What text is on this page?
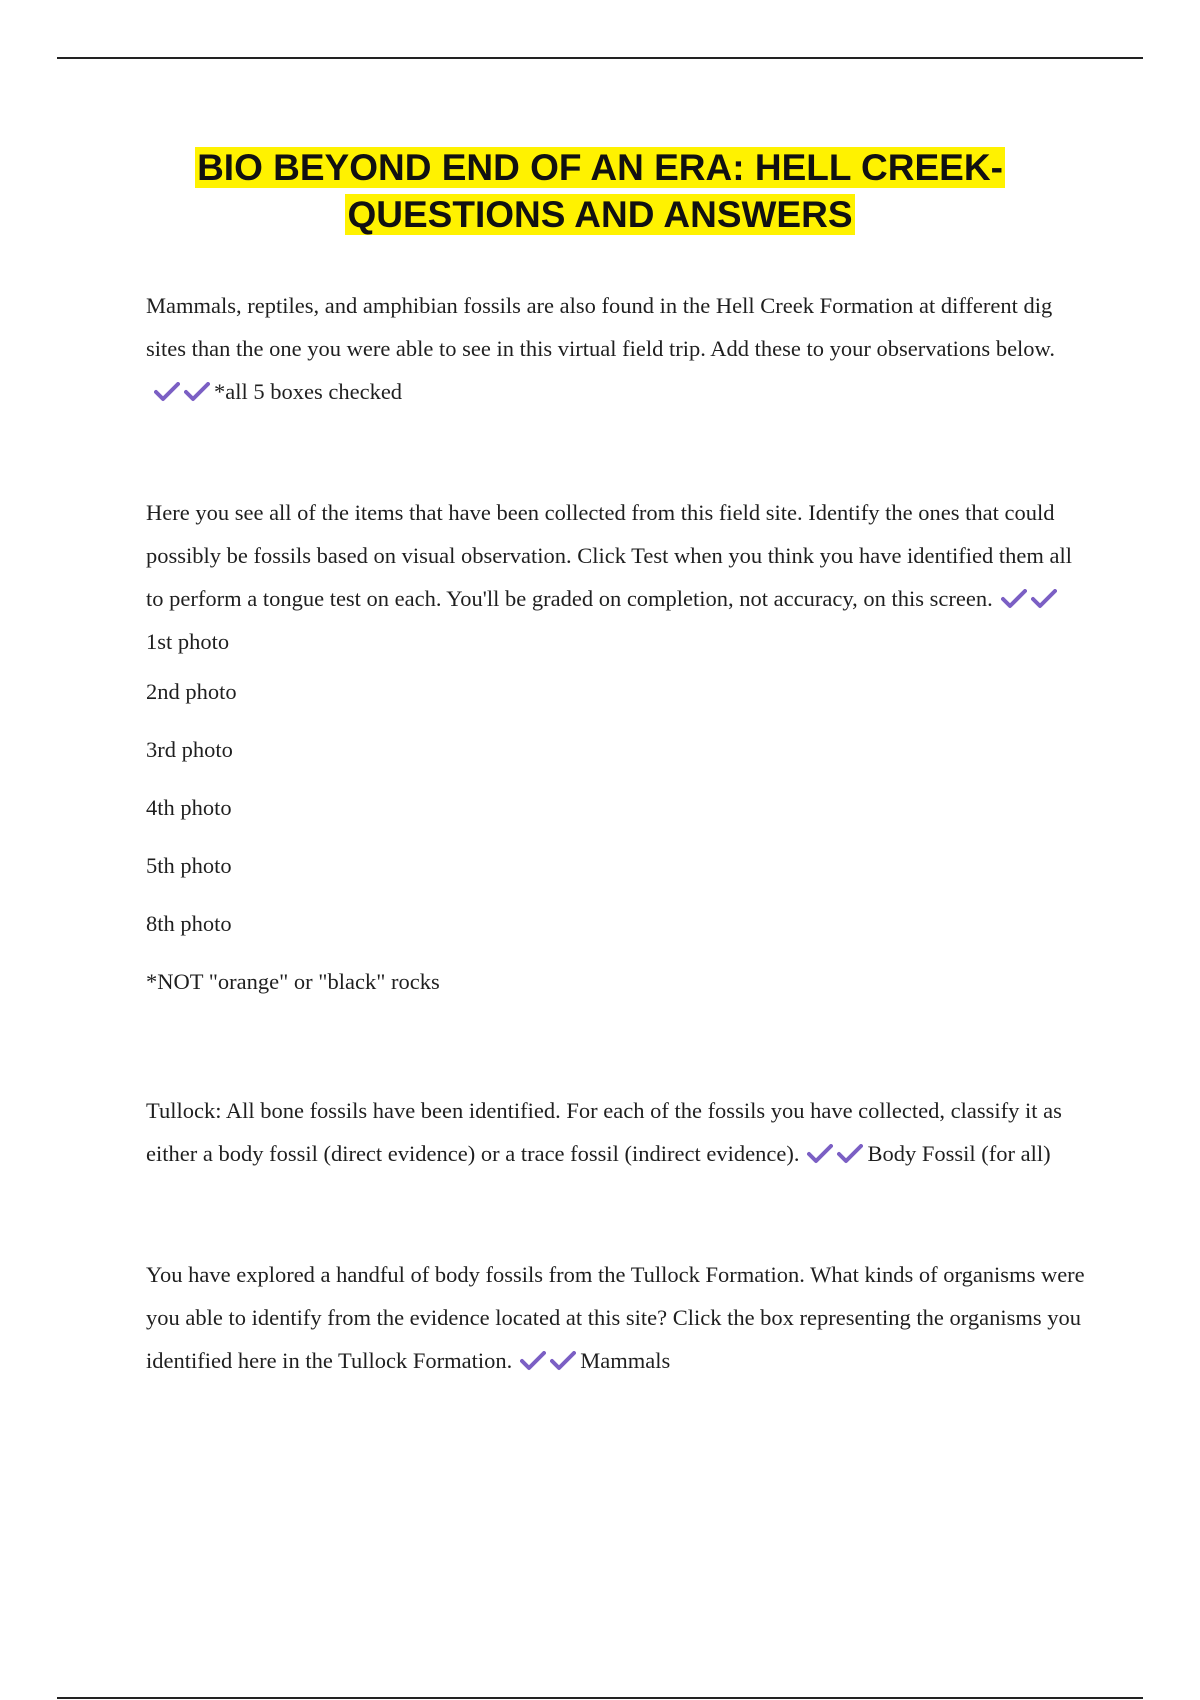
BIO BEYOND END OF AN ERA: HELL CREEK-
QUESTIONS AND ANSWERS

Mammals, reptiles, and amphibian fossils are also found in the Hell Creek Formation at different dig sites than the one you were able to see in this virtual field trip. Add these to your observations below.
*all 5 boxes checked

Here you see all of the items that have been collected from this field site. Identify the ones that could possibly be fossils based on visual observation. Click Test when you think you have identified them all to perform a tongue test on each. You'll be graded on completion, not accuracy, on this screen.
1st photo

2nd photo

3rd photo

4th photo

5th photo

8th photo

*NOT "orange" or "black" rocks

Tullock: All bone fossils have been identified. For each of the fossils you have collected, classify it as either a body fossil (direct evidence) or a trace fossil (indirect evidence).	Body Fossil (for all)

You have explored a handful of body fossils from the Tullock Formation. What kinds of organisms were you able to identify from the evidence located at this site? Click the box representing the organisms you identified here in the Tullock Formation.	Mammals
